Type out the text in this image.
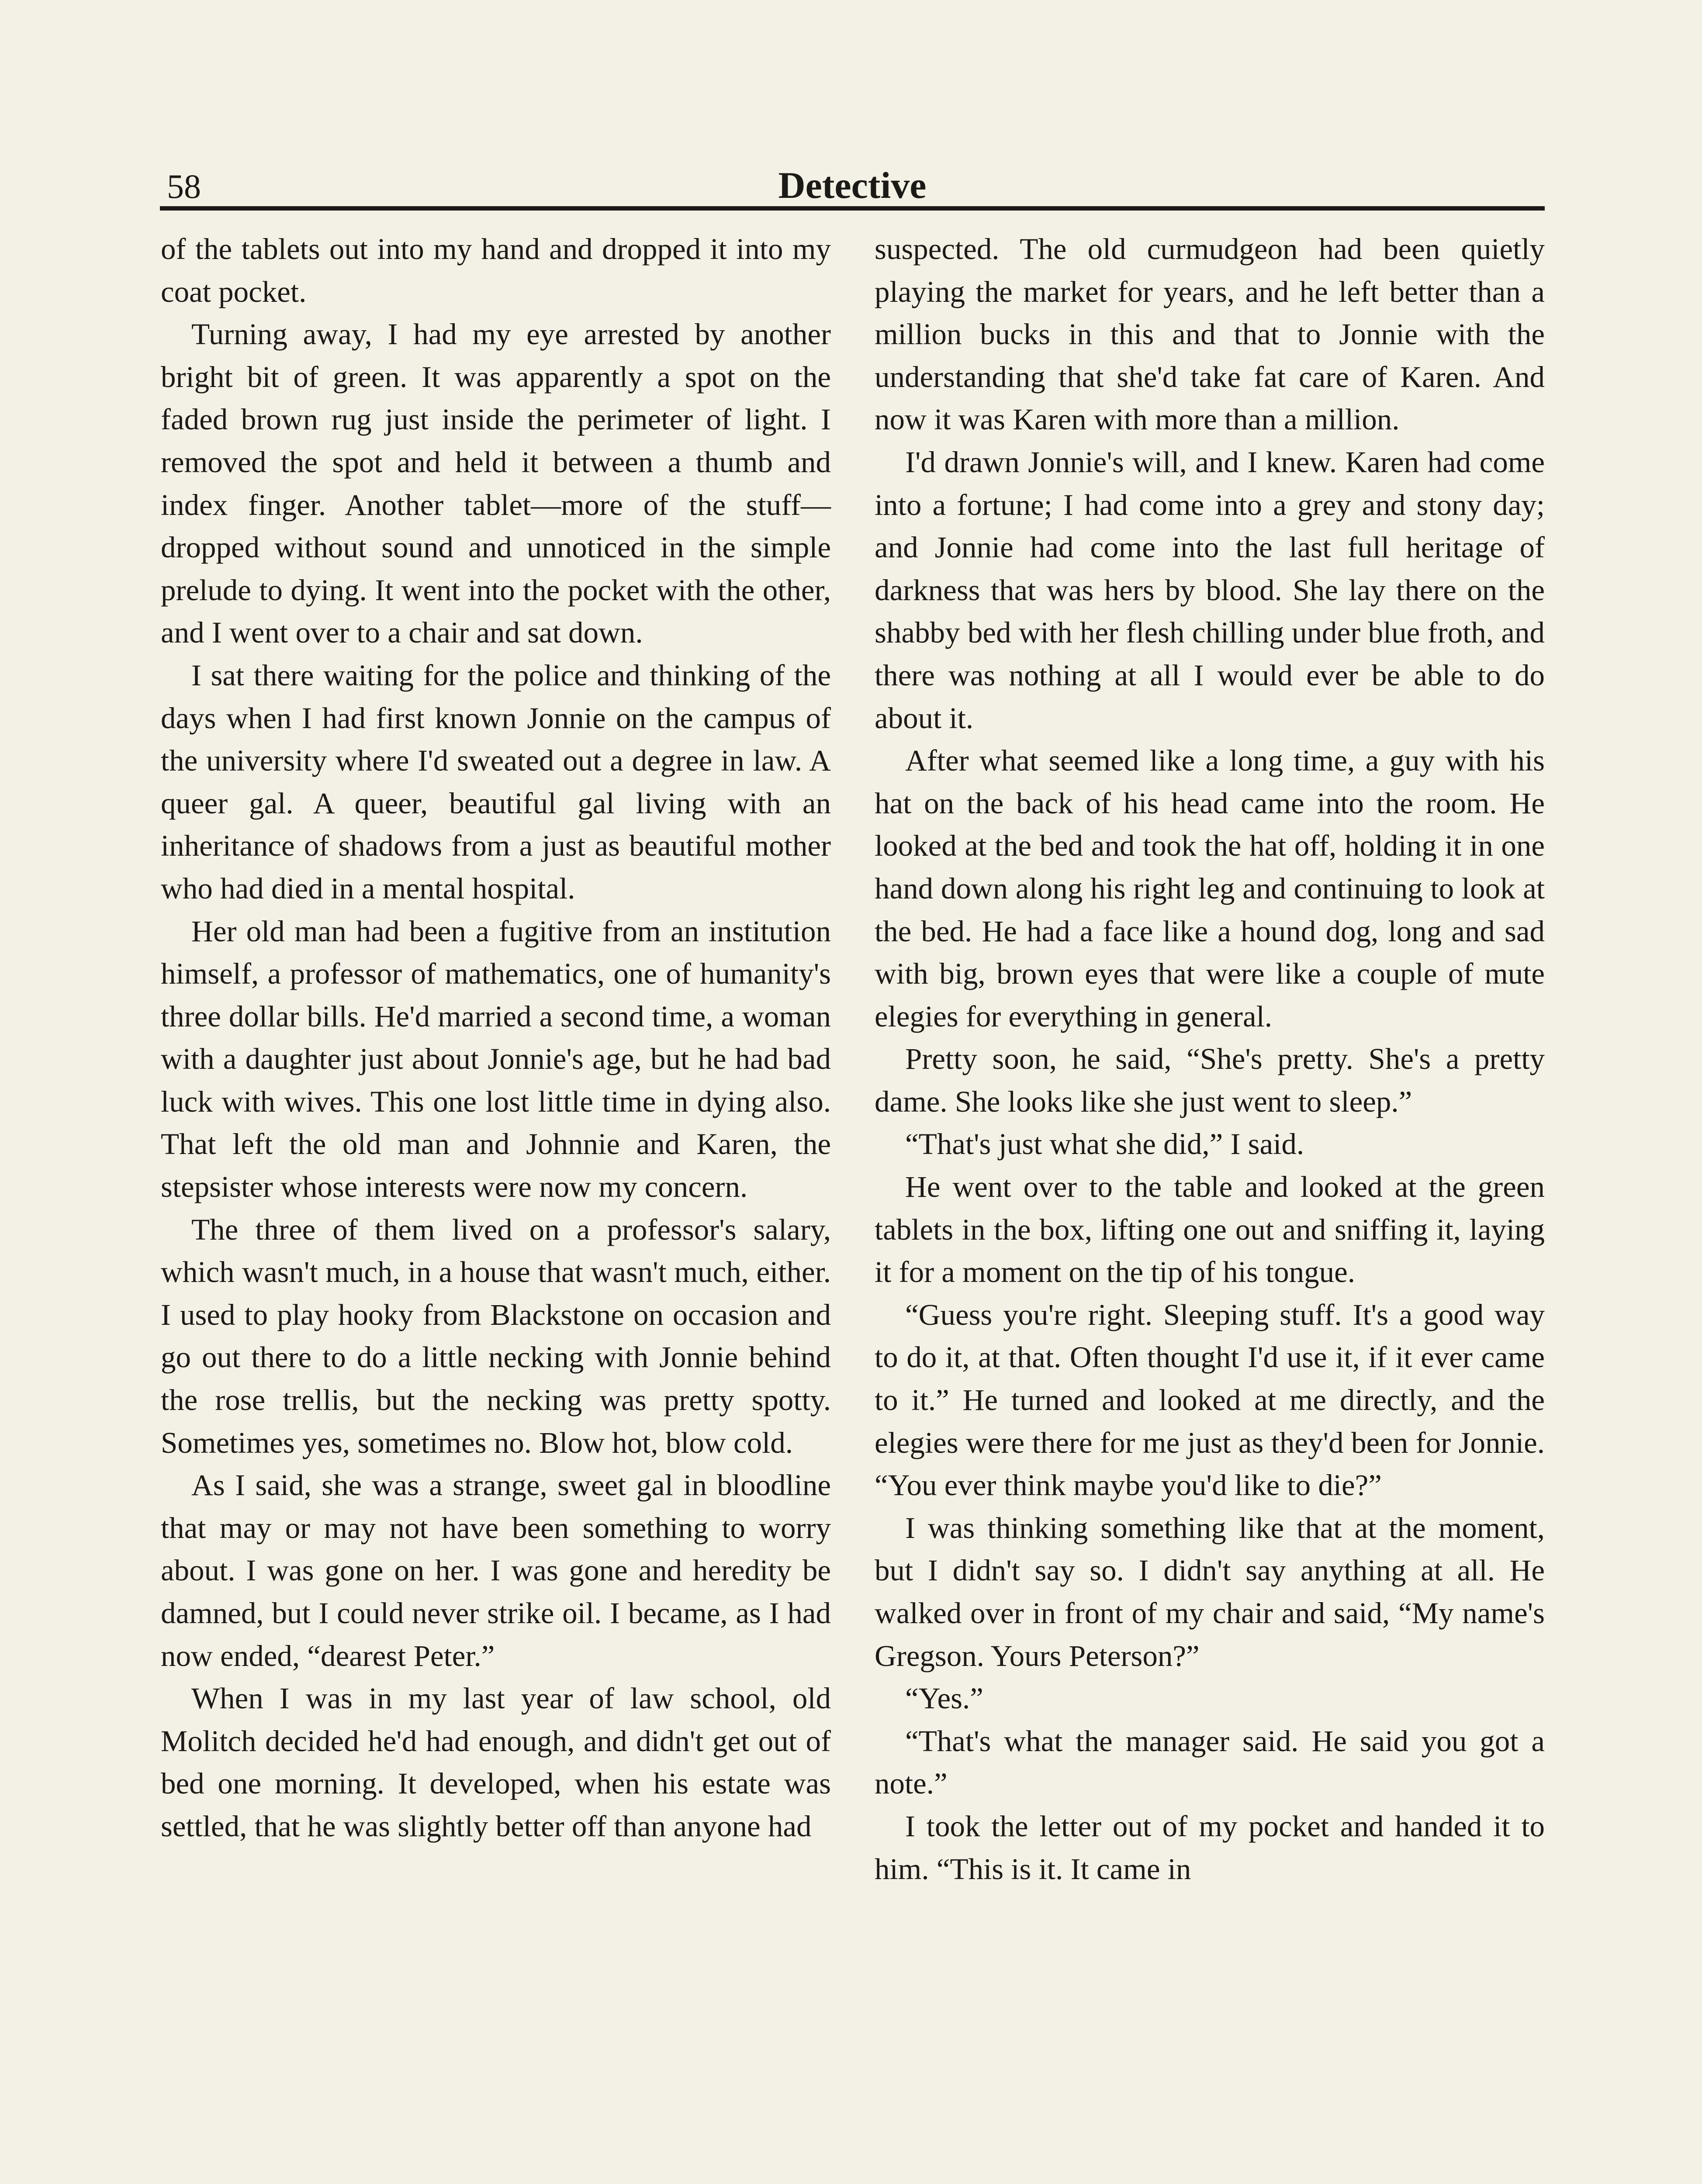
58	Detective

of the tablets out into my hand and dropped it into my coat pocket.

Turning away, I had my eye arrested by another bright bit of green. It was apparently a spot on the faded brown rug just inside the perimeter of light. I removed the spot and held it between a thumb and index finger. Another tablet—more of the stuff—dropped without sound and unnoticed in the simple prelude to dying. It went into the pocket with the other, and I went over to a chair and sat down.

I sat there waiting for the police and thinking of the days when I had first known Jonnie on the campus of the university where I'd sweated out a degree in law. A queer gal. A queer, beautiful gal living with an inheritance of shadows from a just as beautiful mother who had died in a mental hospital.

Her old man had been a fugitive from an institution himself, a professor of mathematics, one of humanity's three dollar bills. He'd married a second time, a woman with a daughter just about Jonnie's age, but he had bad luck with wives. This one lost little time in dying also. That left the old man and Johnnie and Karen, the stepsister whose interests were now my concern.

The three of them lived on a professor's salary, which wasn't much, in a house that wasn't much, either. I used to play hooky from Blackstone on occasion and go out there to do a little necking with Jonnie behind the rose trellis, but the necking was pretty spotty. Sometimes yes, sometimes no. Blow hot, blow cold.

As I said, she was a strange, sweet gal in bloodline that may or may not have been something to worry about. I was gone on her. I was gone and heredity be damned, but I could never strike oil. I became, as I had now ended, “dearest Peter.”

When I was in my last year of law school, old Molitch decided he'd had enough, and didn't get out of bed one morning. It developed, when his estate was settled, that he was slightly better off than anyone had

suspected. The old curmudgeon had been quietly playing the market for years, and he left better than a million bucks in this and that to Jonnie with the understanding that she'd take fat care of Karen. And now it was Karen with more than a million.

I'd drawn Jonnie's will, and I knew. Karen had come into a fortune; I had come into a grey and stony day; and Jonnie had come into the last full heritage of darkness that was hers by blood. She lay there on the shabby bed with her flesh chilling under blue froth, and there was nothing at all I would ever be able to do about it.

After what seemed like a long time, a guy with his hat on the back of his head came into the room. He looked at the bed and took the hat off, holding it in one hand down along his right leg and continuing to look at the bed. He had a face like a hound dog, long and sad with big, brown eyes that were like a couple of mute elegies for everything in general.

Pretty soon, he said, “She's pretty. She's a pretty dame. She looks like she just went to sleep.”

“That's just what she did,” I said.

He went over to the table and looked at the green tablets in the box, lifting one out and sniffing it, laying it for a moment on the tip of his tongue.

“Guess you're right. Sleeping stuff. It's a good way to do it, at that. Often thought I'd use it, if it ever came to it.” He turned and looked at me directly, and the elegies were there for me just as they'd been for Jonnie. “You ever think maybe you'd like to die?”

I was thinking something like that at the moment, but I didn't say so. I didn't say anything at all. He walked over in front of my chair and said, “My name's Gregson. Yours Peterson?”

“Yes.”

“That's what the manager said. He said you got a note.”

I took the letter out of my pocket and handed it to him. “This is it. It came in
